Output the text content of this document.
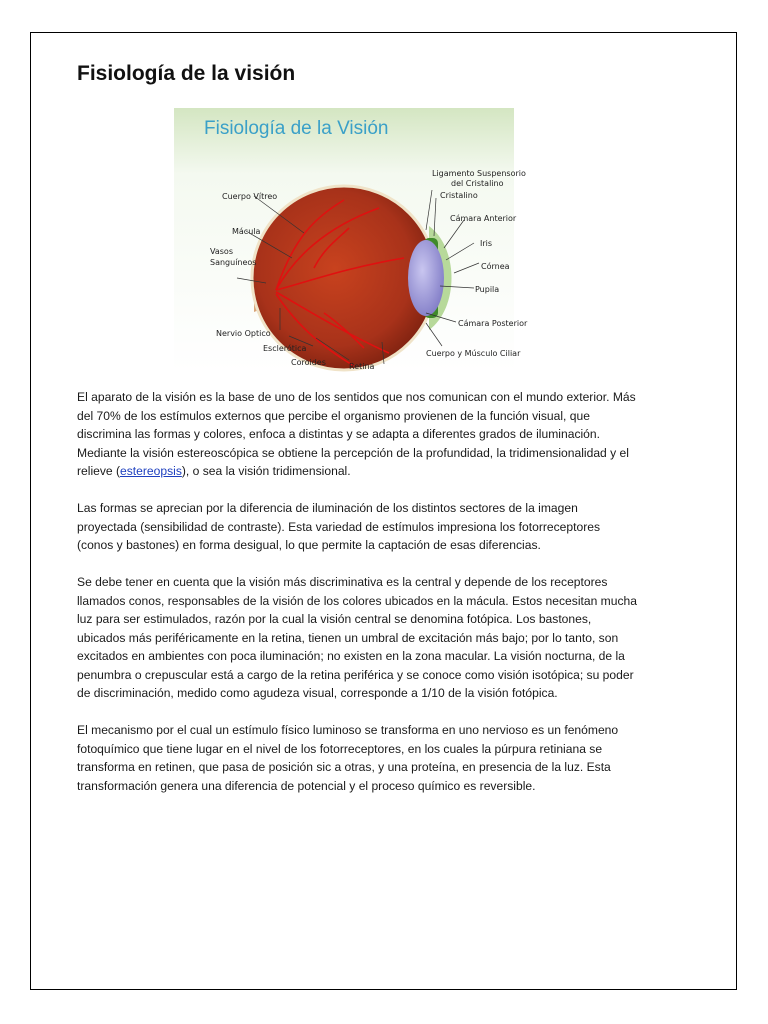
Fisiología de la visión
Fisiología de la Visión
Ligamento Suspensorio
del Cristalino
Cristalino
Cámara Anterior
Iris
Córnea
Pupila
Cámara Posterior
Cuerpo y Músculo Ciliar
Cuerpo Vítreo
Mácula
Vasos
Sanguíneos
Nervio Optico
Esclerótica
Coroides	Retina

El aparato de la visión es la base de uno de los sentidos que nos comunican con el mundo exterior. Más del 70% de los estímulos externos que percibe el organismo provienen de la función visual, que discrimina las formas y colores, enfoca a distintas y se adapta a diferentes grados de iluminación. Mediante la visión estereoscópica se obtiene la percepción de la profundidad, la tridimensionalidad y el relieve (estereopsis), o sea la visión tridimensional.

Las formas se aprecian por la diferencia de iluminación de los distintos sectores de la imagen proyectada (sensibilidad de contraste). Esta variedad de estímulos impresiona los fotorreceptores (conos y bastones) en forma desigual, lo que permite la captación de esas diferencias.

Se debe tener en cuenta que la visión más discriminativa es la central y depende de los receptores llamados conos, responsables de la visión de los colores ubicados en la mácula. Estos necesitan mucha luz para ser estimulados, razón por la cual la visión central se denomina fotópica. Los bastones, ubicados más periféricamente en la retina, tienen un umbral de excitación más bajo; por lo tanto, son excitados en ambientes con poca iluminación; no existen en la zona macular. La visión nocturna, de la penumbra o crepuscular está a cargo de la retina periférica y se conoce como visión isotópica; su poder de discriminación, medido como agudeza visual, corresponde a 1/10 de la visión fotópica.

El mecanismo por el cual un estímulo físico luminoso se transforma en uno nervioso es un fenómeno fotoquímico que tiene lugar en el nivel de los fotorreceptores, en los cuales la púrpura retiniana se transforma en retinen, que pasa de posición sic a otras, y una proteína, en presencia de la luz. Esta transformación genera una diferencia de potencial y el proceso químico es reversible.
